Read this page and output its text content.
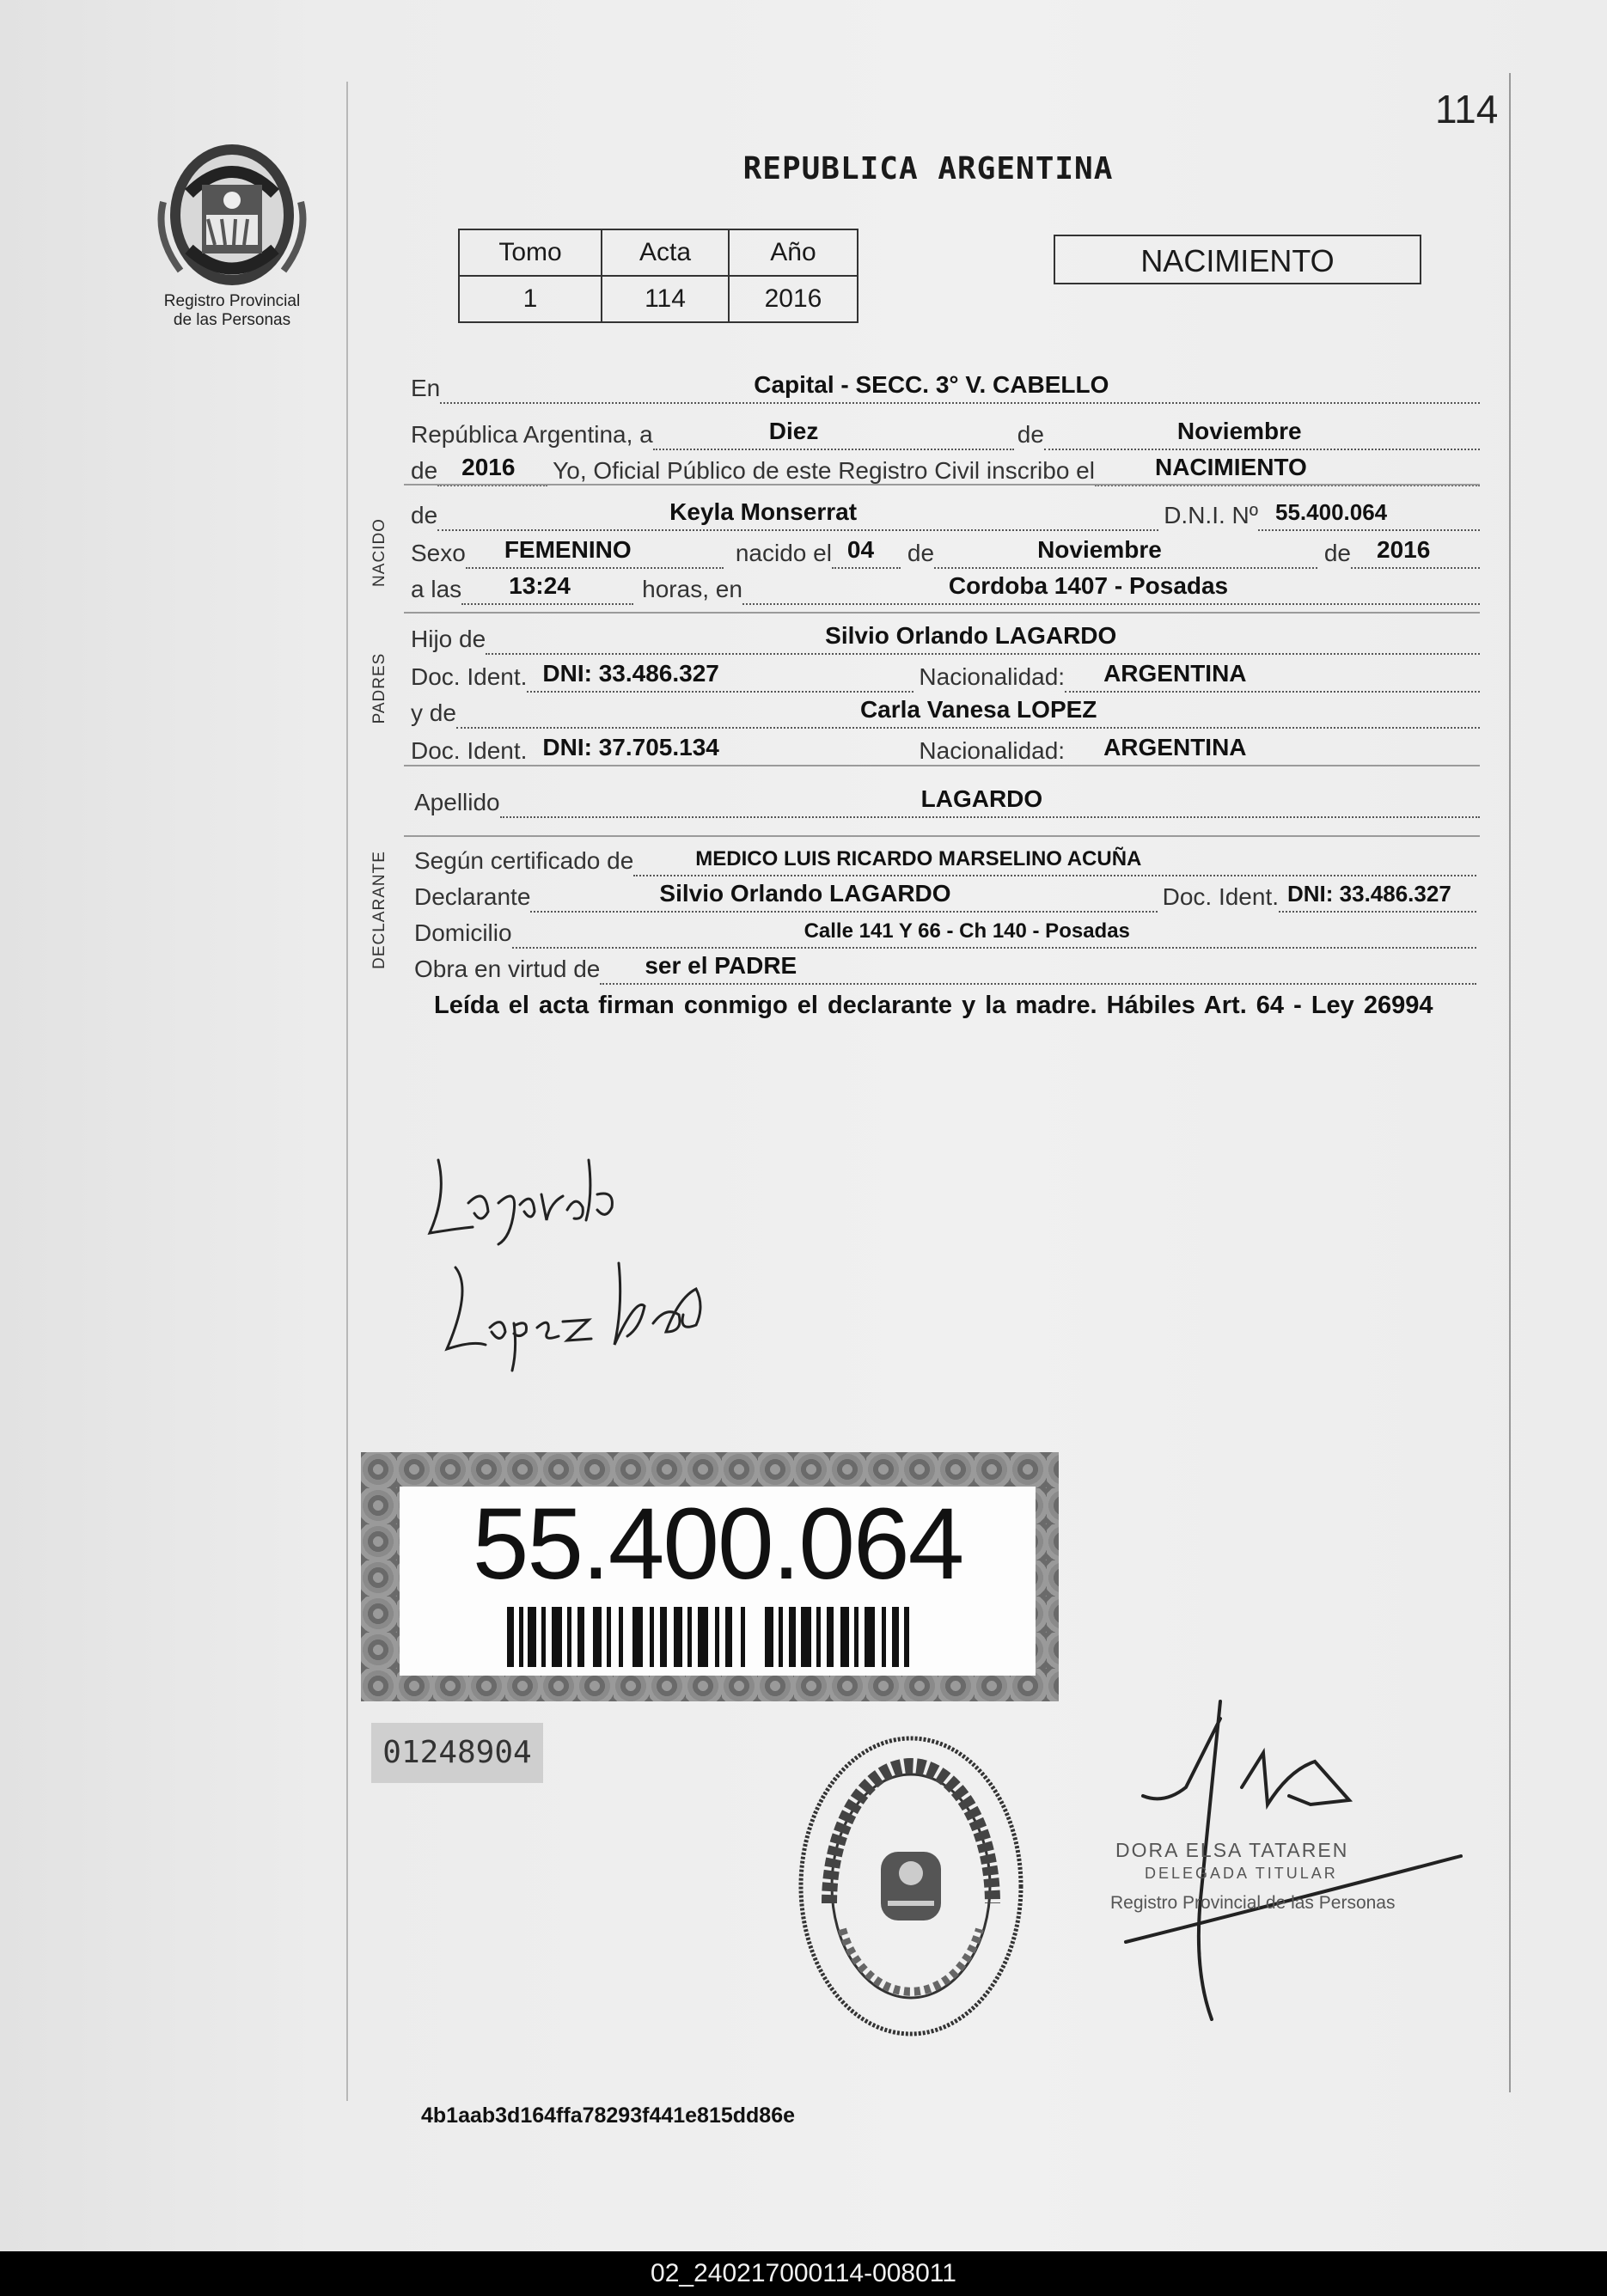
Registro Provincial
de las Personas
114
REPUBLICA ARGENTINA
Tomo	Acta	Año
1	114	2016
NACIMIENTO
En	Capital - SECC. 3° V. CABELLO
República Argentina, a	Diez	de	Noviembre
de 2016 Yo, Oficial Público de este Registro Civil inscribo el	NACIMIENTO
NACIDO
de	Keyla Monserrat	D.N.I. Nº 55.400.064
Sexo FEMENINO	nacido el 04 de	Noviembre	de 2016
a las 13:24	horas, en	Cordoba 1407 - Posadas
PADRES
Hijo de	Silvio Orlando LAGARDO
Doc. Ident. DNI: 33.486.327	Nacionalidad: ARGENTINA
y de	Carla Vanesa LOPEZ
Doc. Ident. DNI: 37.705.134	Nacionalidad: ARGENTINA
Apellido	LAGARDO
DECLARANTE Según certificado de	MEDICO LUIS RICARDO MARSELINO ACUÑA
Declarante	Silvio Orlando LAGARDO	Doc. Ident. DNI: 33.486.327
Domicilio	Calle 141 Y 66 - Ch 140 - Posadas
Obra en virtud de ser el PADRE
Leída el acta firman conmigo el declarante y la madre. Hábiles Art. 64 - Ley 26994
55.400.064
01248904
DORA ELSA TATAREN
DELEGADA TITULAR
Registro Provincial de las Personas
4b1aab3d164ffa78293f441e815dd86e
02_240217000114-008011
